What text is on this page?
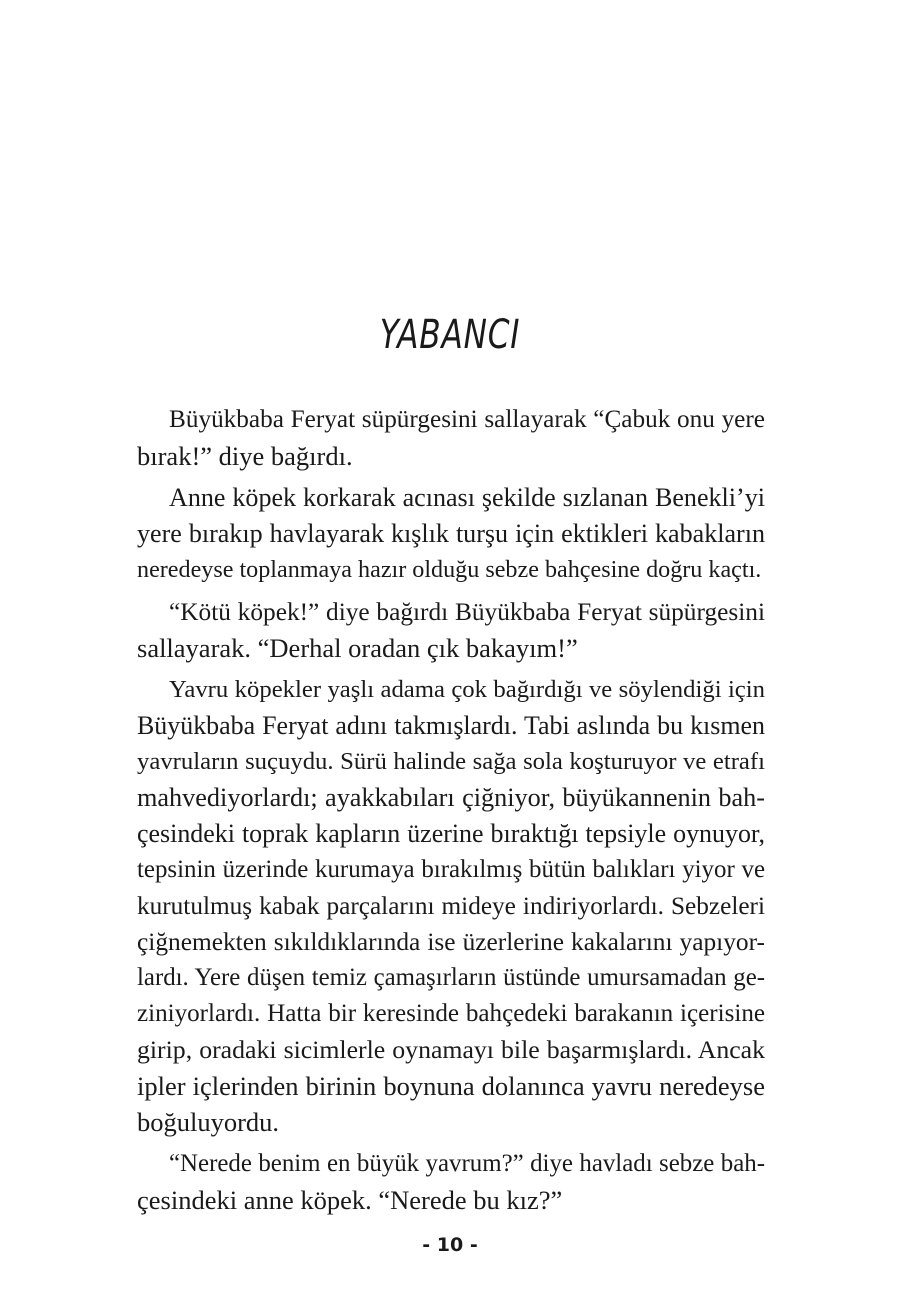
YABANCI

Büyükbaba Feryat süpürgesini sallayarak “Çabuk onu yere
bırak!” diye bağırdı.

Anne köpek korkarak acınası şekilde sızlanan Benekli’yi
yere bırakıp havlayarak kışlık turşu için ektikleri kabakların
neredeyse toplanmaya hazır olduğu sebze bahçesine doğru kaçtı.

“Kötü köpek!” diye bağırdı Büyükbaba Feryat süpürgesini
sallayarak. “Derhal oradan çık bakayım!”

Yavru köpekler yaşlı adama çok bağırdığı ve söylendiği için
Büyükbaba Feryat adını takmışlardı. Tabi aslında bu kısmen
yavruların suçuydu. Sürü halinde sağa sola koşturuyor ve etrafı
mahvediyorlardı; ayakkabıları çiğniyor, büyükannenin bah-
çesindeki toprak kapların üzerine bıraktığı tepsiyle oynuyor,
tepsinin üzerinde kurumaya bırakılmış bütün balıkları yiyor ve
kurutulmuş kabak parçalarını mideye indiriyorlardı. Sebzeleri
çiğnemekten sıkıldıklarında ise üzerlerine kakalarını yapıyor-
lardı. Yere düşen temiz çamaşırların üstünde umursamadan ge-
ziniyorlardı. Hatta bir keresinde bahçedeki barakanın içerisine
girip, oradaki sicimlerle oynamayı bile başarmışlardı. Ancak
ipler içlerinden birinin boynuna dolanınca yavru neredeyse
boğuluyordu.

“Nerede benim en büyük yavrum?” diye havladı sebze bah-
çesindeki anne köpek. “Nerede bu kız?”

- 10 -
